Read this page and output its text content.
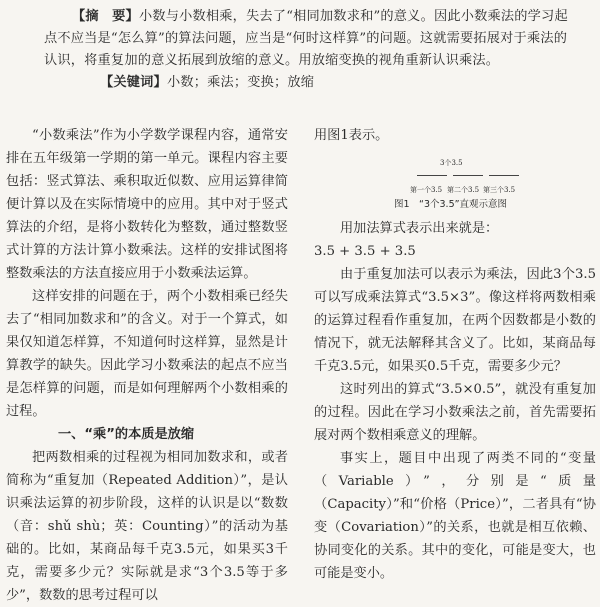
【摘　要】小数与小数相乘，失去了“相同加数求和”的意义。因此小数乘法的学习起点不应当是“怎么算”的算法问题，应当是“何时这样算”的问题。这就需要拓展对于乘法的认识，将重复加的意义拓展到放缩的意义。用放缩变换的视角重新认识乘法。

【关键词】小数；乘法；变换；放缩

“小数乘法”作为小学数学课程内容，通常安排在五年级第一学期的第一单元。课程内容主要包括：竖式算法、乘积取近似数、应用运算律简便计算以及在实际情境中的应用。其中对于竖式算法的介绍，是将小数转化为整数，通过整数竖式计算的方法计算小数乘法。这样的安排试图将整数乘法的方法直接应用于小数乘法运算。

这样安排的问题在于，两个小数相乘已经失去了“相同加数求和”的含义。对于一个算式，如果仅知道怎样算，不知道何时这样算，显然是计算教学的缺失。因此学习小数乘法的起点不应当是怎样算的问题，而是如何理解两个小数相乘的过程。

一、“乘”的本质是放缩

把两数相乘的过程视为相同加数求和，或者简称为“重复加（Repeated Addition）”，是认识乘法运算的初步阶段，这样的认识是以“数数（音：shǔ shù；英：Counting）”的活动为基础的。比如，某商品每千克3.5元，如果买3千克，需要多少元？实际就是求“3个3.5等于多少”，数数的思考过程可以

用图1表示。

3个3.5
第一个3.5 第二个3.5 第三个3.5
图1　“3个3.5”直观示意图

用加法算式表示出来就是：

3.5 + 3.5 + 3.5

由于重复加法可以表示为乘法，因此3个3.5可以写成乘法算式“3.5×3”。像这样将两数相乘的运算过程看作重复加，在两个因数都是小数的情况下，就无法解释其含义了。比如，某商品每千克3.5元，如果买0.5千克，需要多少元？

这时列出的算式“3.5×0.5”，就没有重复加的过程。因此在学习小数乘法之前，首先需要拓展对两个数相乘意义的理解。

事实上，题目中出现了两类不同的“变量（Variable）”，分别是“质量（Capacity）”和“价格（Price）”，二者具有“协变（Covariation）”的关系，也就是相互依赖、协同变化的关系。其中的变化，可能是变大，也可能是变小。
